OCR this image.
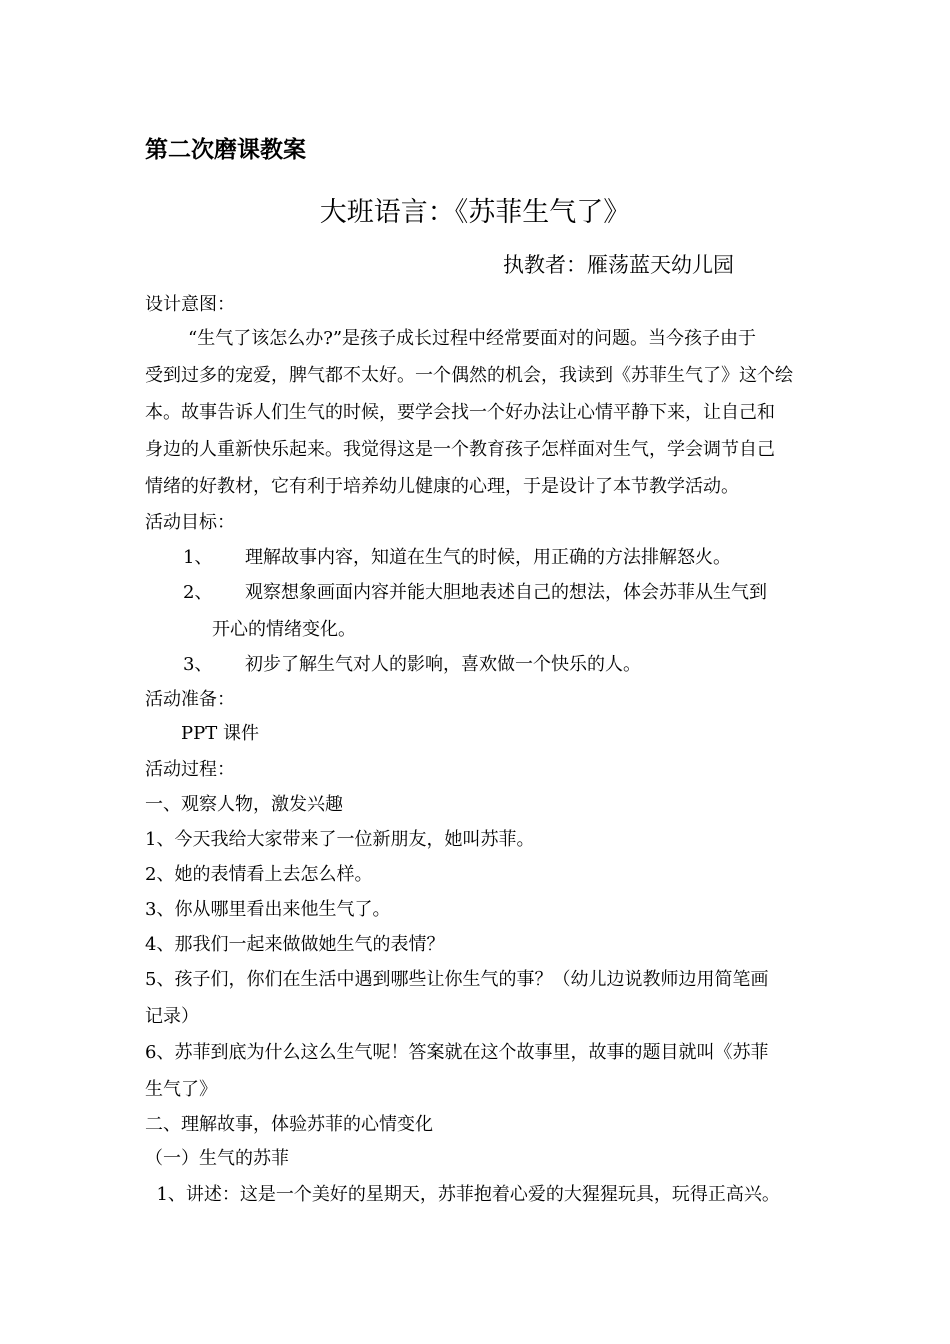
第二次磨课教案
大班语言：《苏菲生气了》
执教者：雁荡蓝天幼儿园
设计意图：
“生气了该怎么办?”是孩子成长过程中经常要面对的问题。当今孩子由于
受到过多的宠爱，脾气都不太好。一个偶然的机会，我读到《苏菲生气了》这个绘
本。故事告诉人们生气的时候，要学会找一个好办法让心情平静下来，让自己和
身边的人重新快乐起来。我觉得这是一个教育孩子怎样面对生气，学会调节自己
情绪的好教材，它有利于培养幼儿健康的心理，于是设计了本节教学活动。
活动目标：
1、 理解故事内容，知道在生气的时候，用正确的方法排解怒火。
2、 观察想象画面内容并能大胆地表述自己的想法，体会苏菲从生气到
开心的情绪变化。
3、 初步了解生气对人的影响，喜欢做一个快乐的人。
活动准备：
PPT 课件
活动过程：
一、观察人物，激发兴趣
1、今天我给大家带来了一位新朋友，她叫苏菲。
2、她的表情看上去怎么样。
3、你从哪里看出来他生气了。
4、那我们一起来做做她生气的表情？
5、孩子们，你们在生活中遇到哪些让你生气的事？（幼儿边说教师边用简笔画
记录）
6、苏菲到底为什么这么生气呢！答案就在这个故事里，故事的题目就叫《苏菲
生气了》
二、理解故事，体验苏菲的心情变化
（一）生气的苏菲
1、讲述：这是一个美好的星期天，苏菲抱着心爱的大猩猩玩具，玩得正高兴。
